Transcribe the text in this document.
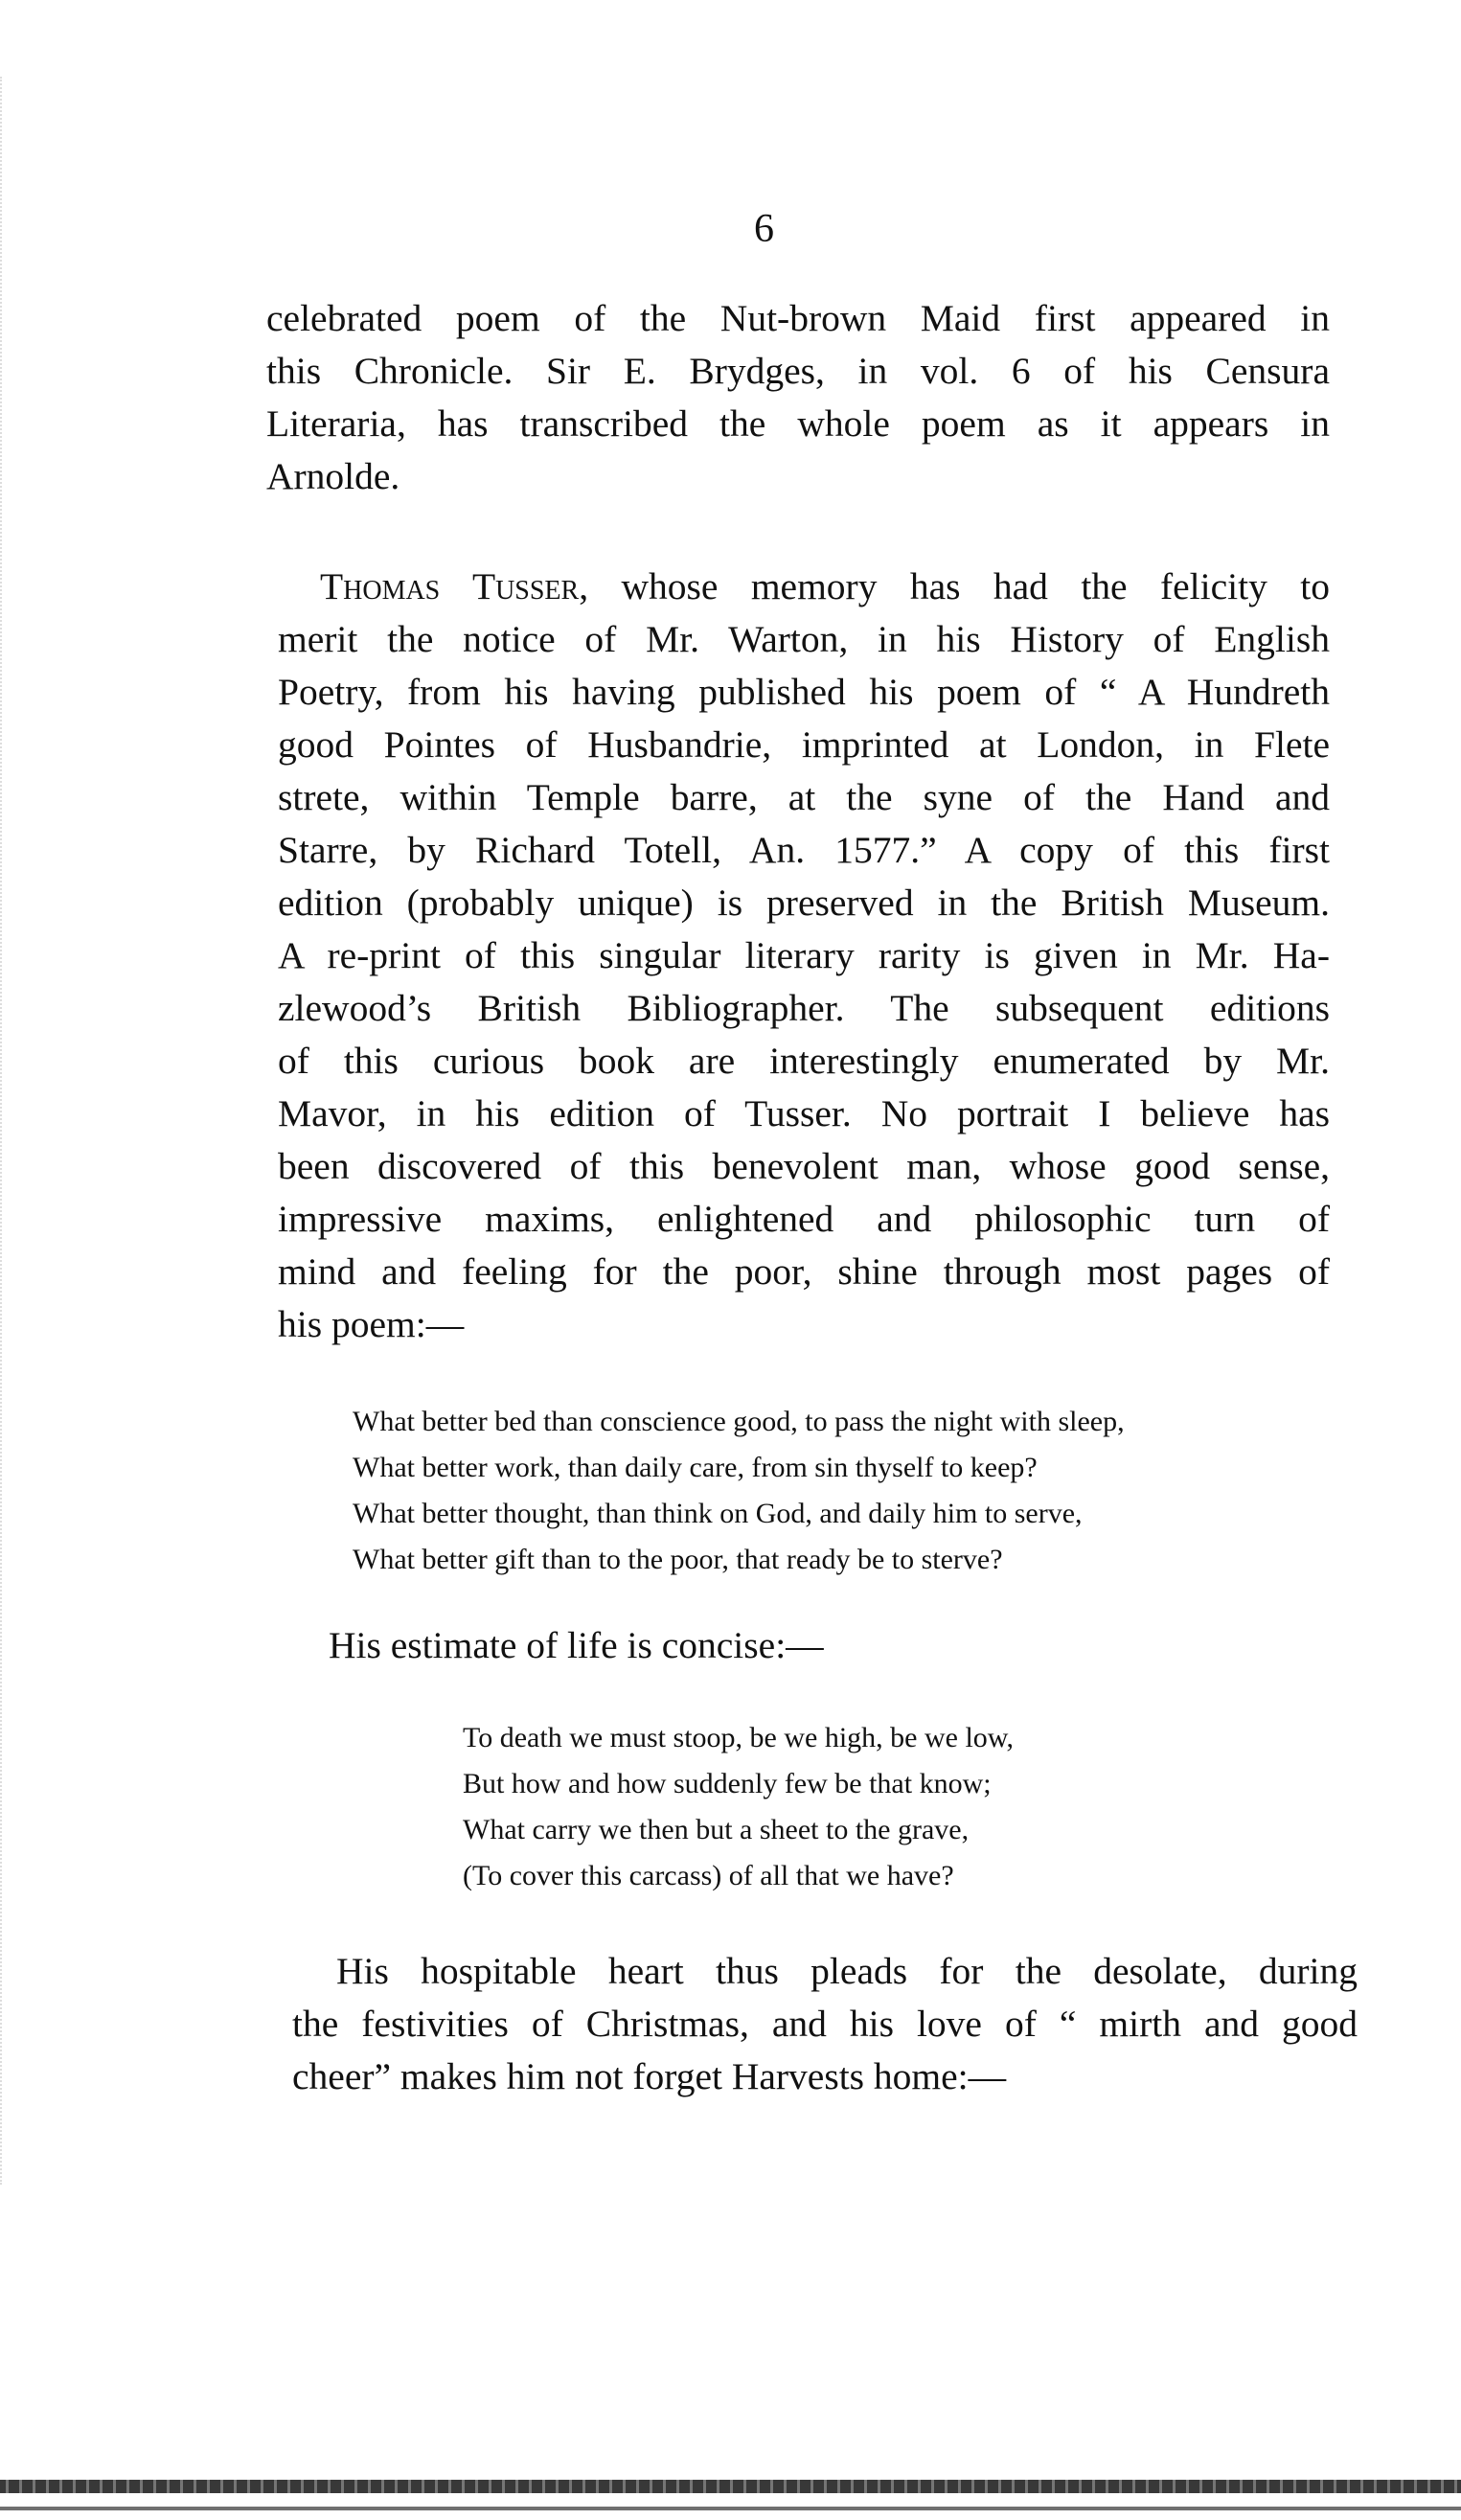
6

celebrated poem of the Nut-brown Maid first appeared in
this Chronicle. Sir E. Brydges, in vol. 6 of his Censura
Literaria, has transcribed the whole poem as it appears in
Arnolde.

Thomas Tusser, whose memory has had the felicity to
merit the notice of Mr. Warton, in his History of English
Poetry, from his having published his poem of “ A Hundreth
good Pointes of Husbandrie, imprinted at London, in Flete
strete, within Temple barre, at the syne of the Hand and
Starre, by Richard Totell, An. 1577.” A copy of this first
edition (probably unique) is preserved in the British Museum.
A re-print of this singular literary rarity is given in Mr. Ha-
zlewood’s British Bibliographer. The subsequent editions
of this curious book are interestingly enumerated by Mr.
Mavor, in his edition of Tusser. No portrait I believe has
been discovered of this benevolent man, whose good sense,
impressive maxims, enlightened and philosophic turn of
mind and feeling for the poor, shine through most pages of
his poem:—

What better bed than conscience good, to pass the night with sleep,
What better work, than daily care, from sin thyself to keep?
What better thought, than think on God, and daily him to serve,
What better gift than to the poor, that ready be to sterve?

His estimate of life is concise:—

To death we must stoop, be we high, be we low,
But how and how suddenly few be that know;
What carry we then but a sheet to the grave,
(To cover this carcass) of all that we have?

His hospitable heart thus pleads for the desolate, during
the festivities of Christmas, and his love of “ mirth and good
cheer” makes him not forget Harvests home:—
